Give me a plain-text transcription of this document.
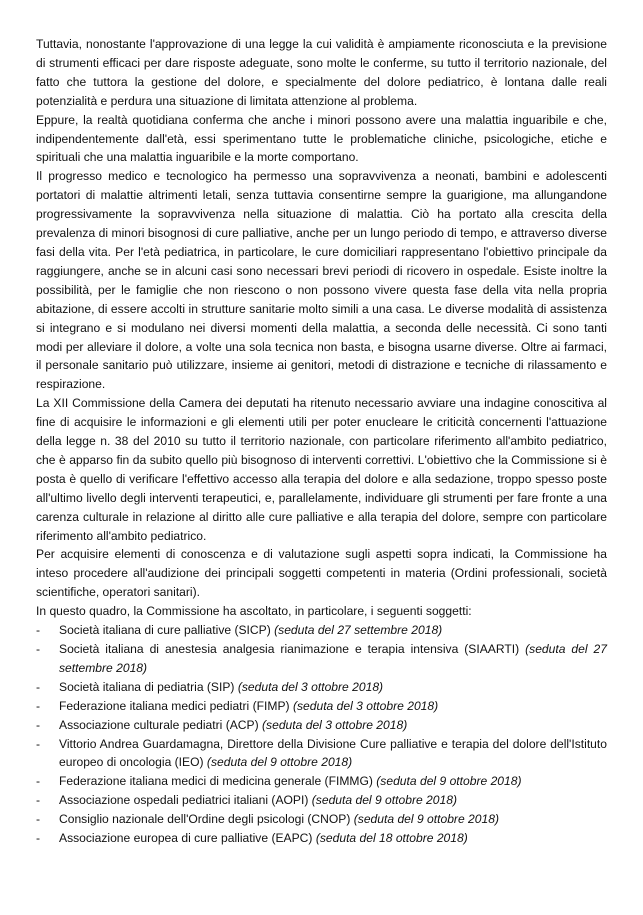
Tuttavia, nonostante l'approvazione di una legge la cui validità è ampiamente riconosciuta e la previsione di strumenti efficaci per dare risposte adeguate, sono molte le conferme, su tutto il territorio nazionale, del fatto che tuttora la gestione del dolore, e specialmente del dolore pediatrico, è lontana dalle reali potenzialità e perdura una situazione di limitata attenzione al problema.

Eppure, la realtà quotidiana conferma che anche i minori possono avere una malattia inguaribile e che, indipendentemente dall'età, essi sperimentano tutte le problematiche cliniche, psicologiche, etiche e spirituali che una malattia inguaribile e la morte comportano.

Il progresso medico e tecnologico ha permesso una sopravvivenza a neonati, bambini e adolescenti portatori di malattie altrimenti letali, senza tuttavia consentirne sempre la guarigione, ma allungandone progressivamente la sopravvivenza nella situazione di malattia. Ciò ha portato alla crescita della prevalenza di minori bisognosi di cure palliative, anche per un lungo periodo di tempo, e attraverso diverse fasi della vita. Per l'età pediatrica, in particolare, le cure domiciliari rappresentano l'obiettivo principale da raggiungere, anche se in alcuni casi sono necessari brevi periodi di ricovero in ospedale. Esiste inoltre la possibilità, per le famiglie che non riescono o non possono vivere questa fase della vita nella propria abitazione, di essere accolti in strutture sanitarie molto simili a una casa. Le diverse modalità di assistenza si integrano e si modulano nei diversi momenti della malattia, a seconda delle necessità. Ci sono tanti modi per alleviare il dolore, a volte una sola tecnica non basta, e bisogna usarne diverse. Oltre ai farmaci, il personale sanitario può utilizzare, insieme ai genitori, metodi di distrazione e tecniche di rilassamento e respirazione.

La XII Commissione della Camera dei deputati ha ritenuto necessario avviare una indagine conoscitiva al fine di acquisire le informazioni e gli elementi utili per poter enucleare le criticità concernenti l'attuazione della legge n. 38 del 2010 su tutto il territorio nazionale, con particolare riferimento all'ambito pediatrico, che è apparso fin da subito quello più bisognoso di interventi correttivi. L'obiettivo che la Commissione si è posta è quello di verificare l'effettivo accesso alla terapia del dolore e alla sedazione, troppo spesso poste all'ultimo livello degli interventi terapeutici, e, parallelamente, individuare gli strumenti per fare fronte a una carenza culturale in relazione al diritto alle cure palliative e alla terapia del dolore, sempre con particolare riferimento all'ambito pediatrico.

Per acquisire elementi di conoscenza e di valutazione sugli aspetti sopra indicati, la Commissione ha inteso procedere all'audizione dei principali soggetti competenti in materia (Ordini professionali, società scientifiche, operatori sanitari).

In questo quadro, la Commissione ha ascoltato, in particolare, i seguenti soggetti:

- Società italiana di cure palliative (SICP) (seduta del 27 settembre 2018)
- Società italiana di anestesia analgesia rianimazione e terapia intensiva (SIAARTI) (seduta del 27 settembre 2018)
- Società italiana di pediatria (SIP) (seduta del 3 ottobre 2018)
- Federazione italiana medici pediatri (FIMP) (seduta del 3 ottobre 2018)
- Associazione culturale pediatri (ACP) (seduta del 3 ottobre 2018)
- Vittorio Andrea Guardamagna, Direttore della Divisione Cure palliative e terapia del dolore dell'Istituto europeo di oncologia (IEO) (seduta del 9 ottobre 2018)
- Federazione italiana medici di medicina generale (FIMMG) (seduta del 9 ottobre 2018)
- Associazione ospedali pediatrici italiani (AOPI) (seduta del 9 ottobre 2018)
- Consiglio nazionale dell'Ordine degli psicologi (CNOP) (seduta del 9 ottobre 2018)
- Associazione europea di cure palliative (EAPC) (seduta del 18 ottobre 2018)
